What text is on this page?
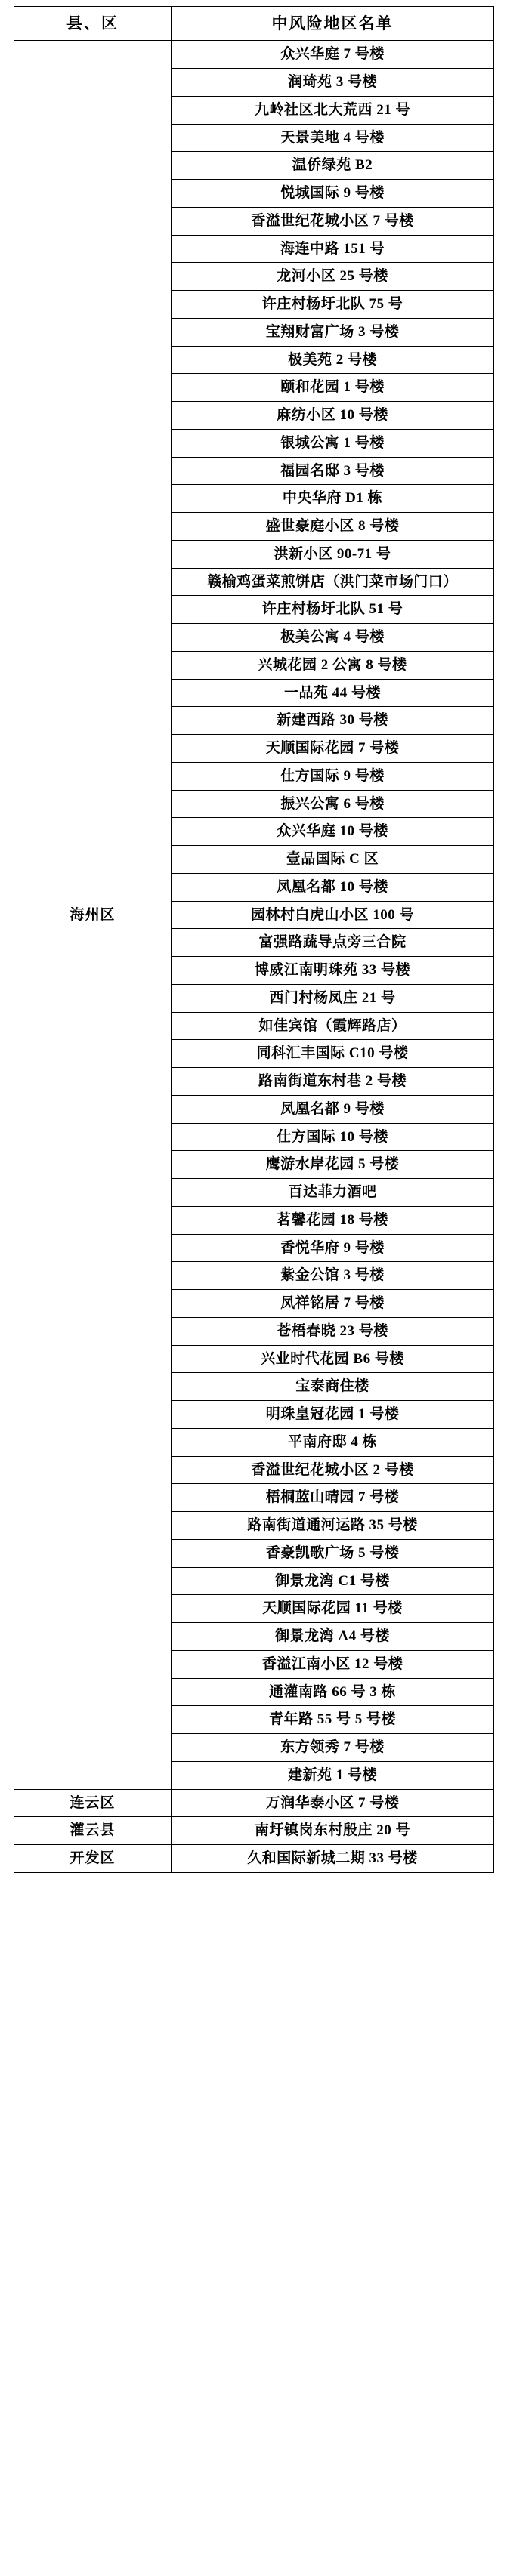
县、区	中风险地区名单
海州区	众兴华庭 7 号楼
	润琦苑 3 号楼
	九岭社区北大荒西 21 号
	天景美地 4 号楼
	温侨绿苑 B2
	悦城国际 9 号楼
	香溢世纪花城小区 7 号楼
	海连中路 151 号
	龙河小区 25 号楼
	许庄村杨圩北队 75 号
	宝翔财富广场 3 号楼
	极美苑 2 号楼
	颐和花园 1 号楼
	麻纺小区 10 号楼
	银城公寓 1 号楼
	福园名邸 3 号楼
	中央华府 D1 栋
	盛世豪庭小区 8 号楼
	洪新小区 90-71 号
	赣榆鸡蛋菜煎饼店（洪门菜市场门口）
	许庄村杨圩北队 51 号
	极美公寓 4 号楼
	兴城花园 2 公寓 8 号楼
	一品苑 44 号楼
	新建西路 30 号楼
	天顺国际花园 7 号楼
	仕方国际 9 号楼
	振兴公寓 6 号楼
	众兴华庭 10 号楼
	壹品国际 C 区
	凤凰名都 10 号楼
	园林村白虎山小区 100 号
	富强路蔬导点旁三合院
	博威江南明珠苑 33 号楼
	西门村杨凤庄 21 号
	如佳宾馆（霞辉路店）
	同科汇丰国际 C10 号楼
	路南街道东村巷 2 号楼
	凤凰名都 9 号楼
	仕方国际 10 号楼
	鹰游水岸花园 5 号楼
	百达菲力酒吧
	茗馨花园 18 号楼
	香悦华府 9 号楼
	紫金公馆 3 号楼
	凤祥铭居 7 号楼
	苍梧春晓 23 号楼
	兴业时代花园 B6 号楼
	宝泰商住楼
	明珠皇冠花园 1 号楼
	平南府邸 4 栋
	香溢世纪花城小区 2 号楼
	梧桐蓝山晴园 7 号楼
	路南街道通河运路 35 号楼
	香豪凯歌广场 5 号楼
	御景龙湾 C1 号楼
	天顺国际花园 11 号楼
	御景龙湾 A4 号楼
	香溢江南小区 12 号楼
	通灌南路 66 号 3 栋
	青年路 55 号 5 号楼
	东方领秀 7 号楼
	建新苑 1 号楼
连云区	万润华泰小区 7 号楼
灌云县	南圩镇岗东村殷庄 20 号
开发区	久和国际新城二期 33 号楼
